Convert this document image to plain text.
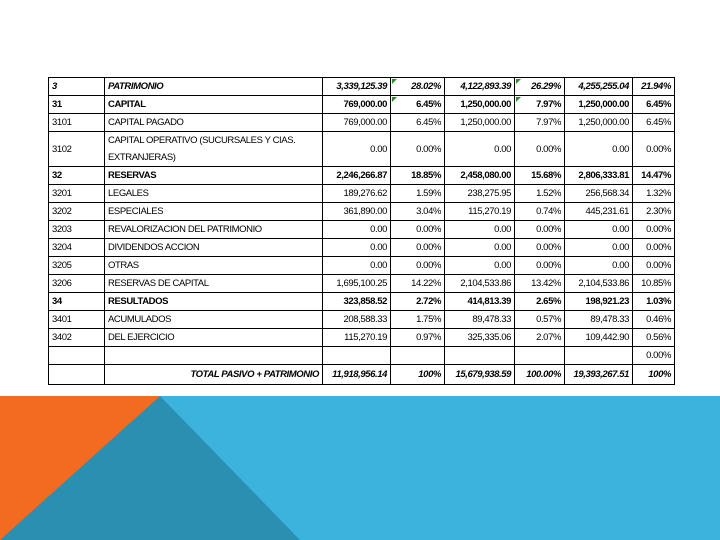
3	PATRIMONIO	3,339,125.39	28.02%	4,122,893.39	26.29%	4,255,255.04	21.94%
31	CAPITAL	769,000.00	6.45%	1,250,000.00	7.97%	1,250,000.00	6.45%
3101	CAPITAL PAGADO	769,000.00	6.45%	1,250,000.00	7.97%	1,250,000.00	6.45%
3102	CAPITAL OPERATIVO (SUCURSALES Y CIAS. EXTRANJERAS)	0.00	0.00%	0.00	0.00%	0.00	0.00%
32	RESERVAS	2,246,266.87	18.85%	2,458,080.00	15.68%	2,806,333.81	14.47%
3201	LEGALES	189,276.62	1.59%	238,275.95	1.52%	256,568.34	1.32%
3202	ESPECIALES	361,890.00	3.04%	115,270.19	0.74%	445,231.61	2.30%
3203	REVALORIZACION DEL PATRIMONIO	0.00	0.00%	0.00	0.00%	0.00	0.00%
3204	DIVIDENDOS ACCION	0.00	0.00%	0.00	0.00%	0.00	0.00%
3205	OTRAS	0.00	0.00%	0.00	0.00%	0.00	0.00%
3206	RESERVAS DE CAPITAL	1,695,100.25	14.22%	2,104,533.86	13.42%	2,104,533.86	10.85%
34	RESULTADOS	323,858.52	2.72%	414,813.39	2.65%	198,921.23	1.03%
3401	ACUMULADOS	208,588.33	1.75%	89,478.33	0.57%	89,478.33	0.46%
3402	DEL EJERCICIO	115,270.19	0.97%	325,335.06	2.07%	109,442.90	0.56%
							0.00%
	TOTAL PASIVO + PATRIMONIO	11,918,956.14	100%	15,679,938.59	100.00%	19,393,267.51	100%
